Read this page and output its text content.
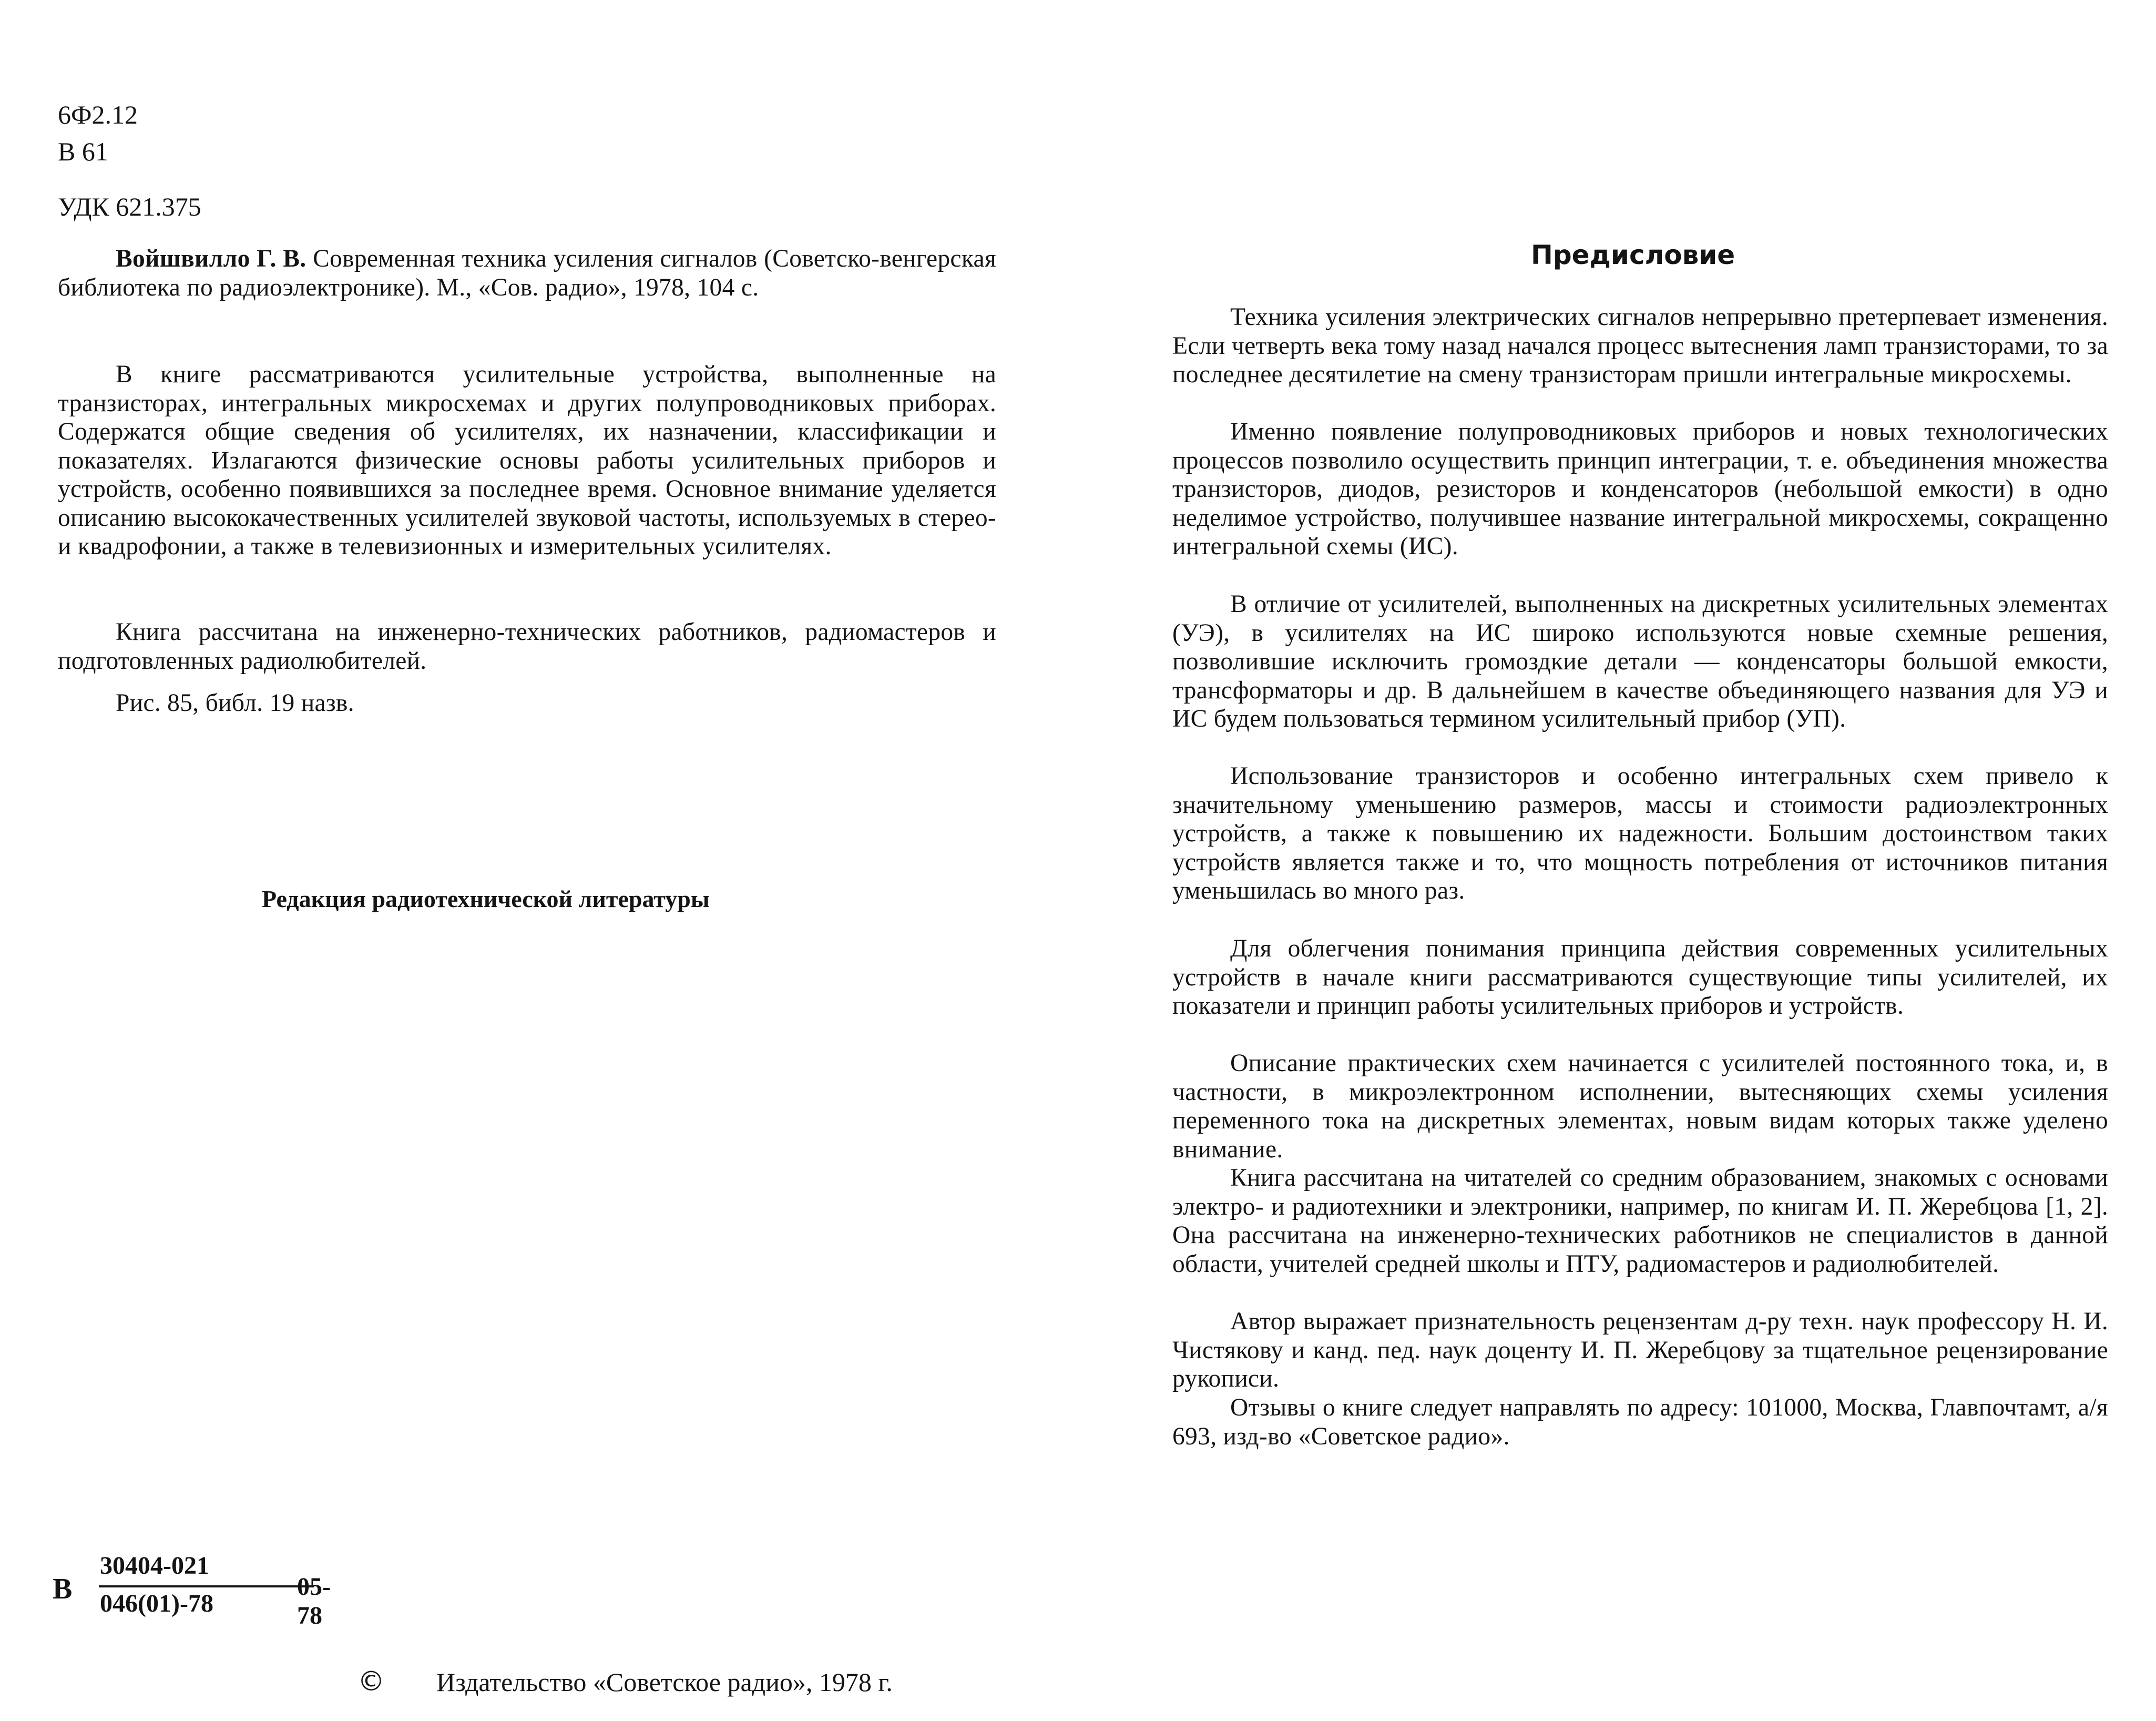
6Ф2.12
В 61
УДК 621.375

Войшвилло Г. В. Современная техника усиления сигналов (Советско-венгерская библиотека по радиоэлектронике). М., «Сов. радио», 1978, 104 с.

В книге рассматриваются усилительные устройства, выполненные на транзисторах, интегральных микросхемах и других полупроводниковых приборах. Содержатся общие сведения об усилителях, их назначении, классификации и показателях. Излагаются физические основы работы усилительных приборов и устройств, особенно появившихся за последнее время. Основное внимание уделяется описанию высококачественных усилителей звуковой частоты, используемых в стерео- и квадрофонии, а также в телевизионных и измерительных усилителях.

Книга рассчитана на инженерно-технических работников, радиомастеров и подготовленных радиолюбителей.

Рис. 85, библ. 19 назв.

Редакция радиотехнической литературы
В
30404-021
046(01)-78
05-78
© Издательство «Советское радио», 1978 г.
Предисловие

Техника усиления электрических сигналов непрерывно претерпевает изменения. Если четверть века тому назад начался процесс вытеснения ламп транзисторами, то за последнее десятилетие на смену транзисторам пришли интегральные микросхемы.

Именно появление полупроводниковых приборов и новых технологических процессов позволило осуществить принцип интеграции, т. е. объединения множества транзисторов, диодов, резисторов и конденсаторов (небольшой емкости) в одно неделимое устройство, получившее название интегральной микросхемы, сокращенно интегральной схемы (ИС).

В отличие от усилителей, выполненных на дискретных усилительных элементах (УЭ), в усилителях на ИС широко используются новые схемные решения, позволившие исключить громоздкие детали — конденсаторы большой емкости, трансформаторы и др. В дальнейшем в качестве объединяющего названия для УЭ и ИС будем пользоваться термином усилительный прибор (УП).

Использование транзисторов и особенно интегральных схем привело к значительному уменьшению размеров, массы и стоимости радиоэлектронных устройств, а также к повышению их надежности. Большим достоинством таких устройств является также и то, что мощность потребления от источников питания уменьшилась во много раз.

Для облегчения понимания принципа действия современных усилительных устройств в начале книги рассматриваются существующие типы усилителей, их показатели и принцип работы усилительных приборов и устройств.

Описание практических схем начинается с усилителей постоянного тока, и, в частности, в микроэлектронном исполнении, вытесняющих схемы усиления переменного тока на дискретных элементах, новым видам которых также уделено внимание.

Книга рассчитана на читателей со средним образованием, знакомых с основами электро- и радиотехники и электроники, например, по книгам И. П. Жеребцова [1, 2]. Она рассчитана на инженерно-технических работников не специалистов в данной области, учителей средней школы и ПТУ, радиомастеров и радиолюбителей.

Автор выражает признательность рецензентам д-ру техн. наук профессору Н. И. Чистякову и канд. пед. наук доценту И. П. Жеребцову за тщательное рецензирование рукописи.

Отзывы о книге следует направлять по адресу: 101000, Москва, Главпочтамт, а/я 693, изд-во «Советское радио».
